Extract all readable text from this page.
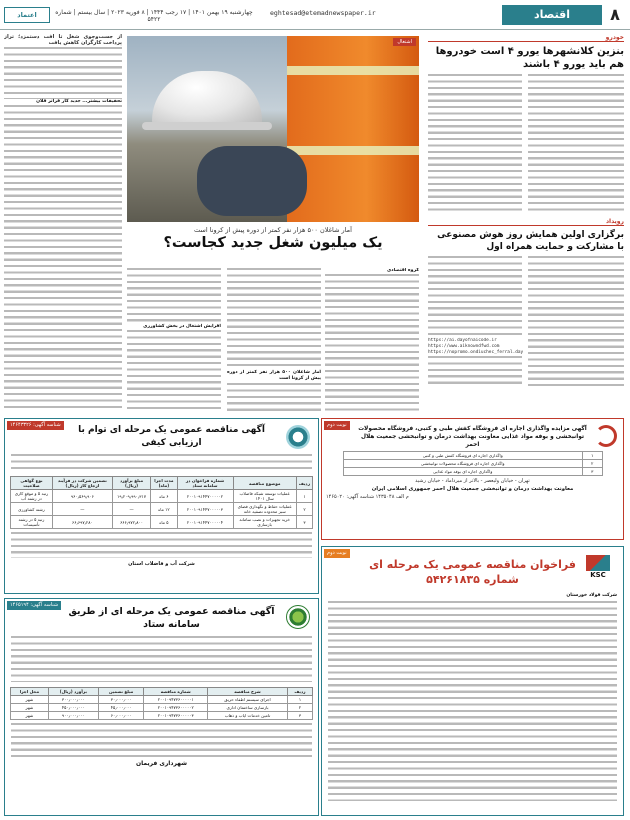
۸
اقتصاد
eghtesad@etemadnewspaper.ir
چهارشنبه ۱۹ بهمن ۱۴۰۱ | ۱۷ رجب ۱۴۴۴ | ۸ فوریه ۲۰۲۳ | سال بیستم | شماره ۵۴۲۲
اعتماد
خودرو
بنزین کلانشهرها یورو ۴ است خودروها هم باید یورو ۴ باشند
رویداد
برگزاری اولین همایش روز هوش مصنوعی با مشارکت و حمایت همراه اول
https://ai.dayofnaicode.ir
https://www.aiknowndfwd.com
https://nopromo.ondiuchec_ferral.day
از جست‌وجوی شغل تا افت دستمزد؛ تراز پرداخت کارگران کاهش یافت
تحقیقات بیشتر... جدید کار فراتر فلان
اشتغال
آمار شاغلان ۵۰۰ هزار نفر کمتر از دوره پیش از کرونا است
یک میلیون شغل جدید کجاست؟
گروه اقتصادی
آمار شاغلان ۵۰۰ هزار نفر کمتر از دوره پیش از کرونا است
افزایش اشتغال در بخش کشاورزی
نوبت دوم
آگهی مزایده واگذاری اجاره ای فروشگاه کفش طبی و کتبی، فروشگاه محصولات توانبخشی و بوفه مواد غذایی معاونت بهداشت درمان و توانبخشی جمعیت هلال احمر
۱	واگذاری اجاره ای فروشگاه کفش طبی و کتبی
۲	واگذاری اجاره ای فروشگاه محصولات توانبخشی
۳	واگذاری اجاره ای بوفه مواد غذایی
تهران - خیابان ولیعصر - بالاتر از میرداماد - خیابان رشید
معاونت بهداشت درمان و توانبخشی جمعیت هلال احمر جمهوری اسلامی ایران
م الف ۱۴۳۵۰۴۸ شناسه آگهی: ۱۴۶۵۰۲۰
شناسه آگهی: ۱۴۶۴۳۳۲۶	آگهی مناقصه عمومی یک مرحله ای توام با ارزیابی کیفی
ردیف	موضوع مناقصه	شماره فراخوان در سامانه ستاد	مدت اجرا (ماه)	مبلغ برآورد (ریال)	تضمین شرکت در فرآیند ارجاع کار (ریال)	نوع گواهی صلاحیت
۱	عملیات توسعه شبکه فاضلاب سال ۱۴۰۱	۲۰۰۱۰۹۱۴۴۷۰۰۰۰۰۲	۶ ماه	۱۹٫۲۰۹٫۹۹۰٫۳۱۷	۹۶۰٫۵۶۹٫۹۰۶	رتبه ۵ و موقع کاری در رشته آب
۲	عملیات حفاظ و نگهداری فضای سبز محدوده تصفیه خانه	۲۰۰۱۰۹۱۴۴۷۰۰۰۰۰۳	۱۲ ماه	—	—	رشته کشاورزی
۳	خرید تجهیزات و نصب سامانه بازسازی	۲۰۰۱۰۹۱۴۴۷۰۰۰۰۰۴	۵ ماه	۶۶۶٫۹۷۲٫۸۰۰	۶۶٫۶۹۷٫۲۸۰	رتبه ۵ در رشته تأسیسات
شرکت آب و فاضلاب استان
نوبت دوم
KSC
فراخوان مناقصه عمومی یک مرحله ای
شماره ۵۴۲۶۱۸۳۵
شرکت فولاد خوزستان
شناسه آگهی: ۱۴۶۵۱۹۴
آگهی مناقصه عمومی یک مرحله ای از طریق سامانه ستاد
ردیف	شرح مناقصه	شماره مناقصه	مبلغ تضمین	برآورد (ریال)	محل اجرا
۱	اجرای سیستم اطفاء حریق	۲۰۰۱۰۹۴۷۳۶۰۰۰۰۰۱	۳۰٫۰۰۰٫۰۰۰	۳۰۰٫۰۰۰٫۰۰۰	شهر
۲	بازسازی ساختمان اداری	۲۰۰۱۰۹۴۷۳۶۰۰۰۰۰۲	۴۵٫۰۰۰٫۰۰۰	۴۵۰٫۰۰۰٫۰۰۰	شهر
۳	تامین خدمات ایاب و ذهاب	۲۰۰۱۰۹۴۷۳۶۰۰۰۰۰۳	۶۰٫۰۰۰٫۰۰۰	۹۰۰٫۰۰۰٫۰۰۰	شهر
شهرداری فریمان
